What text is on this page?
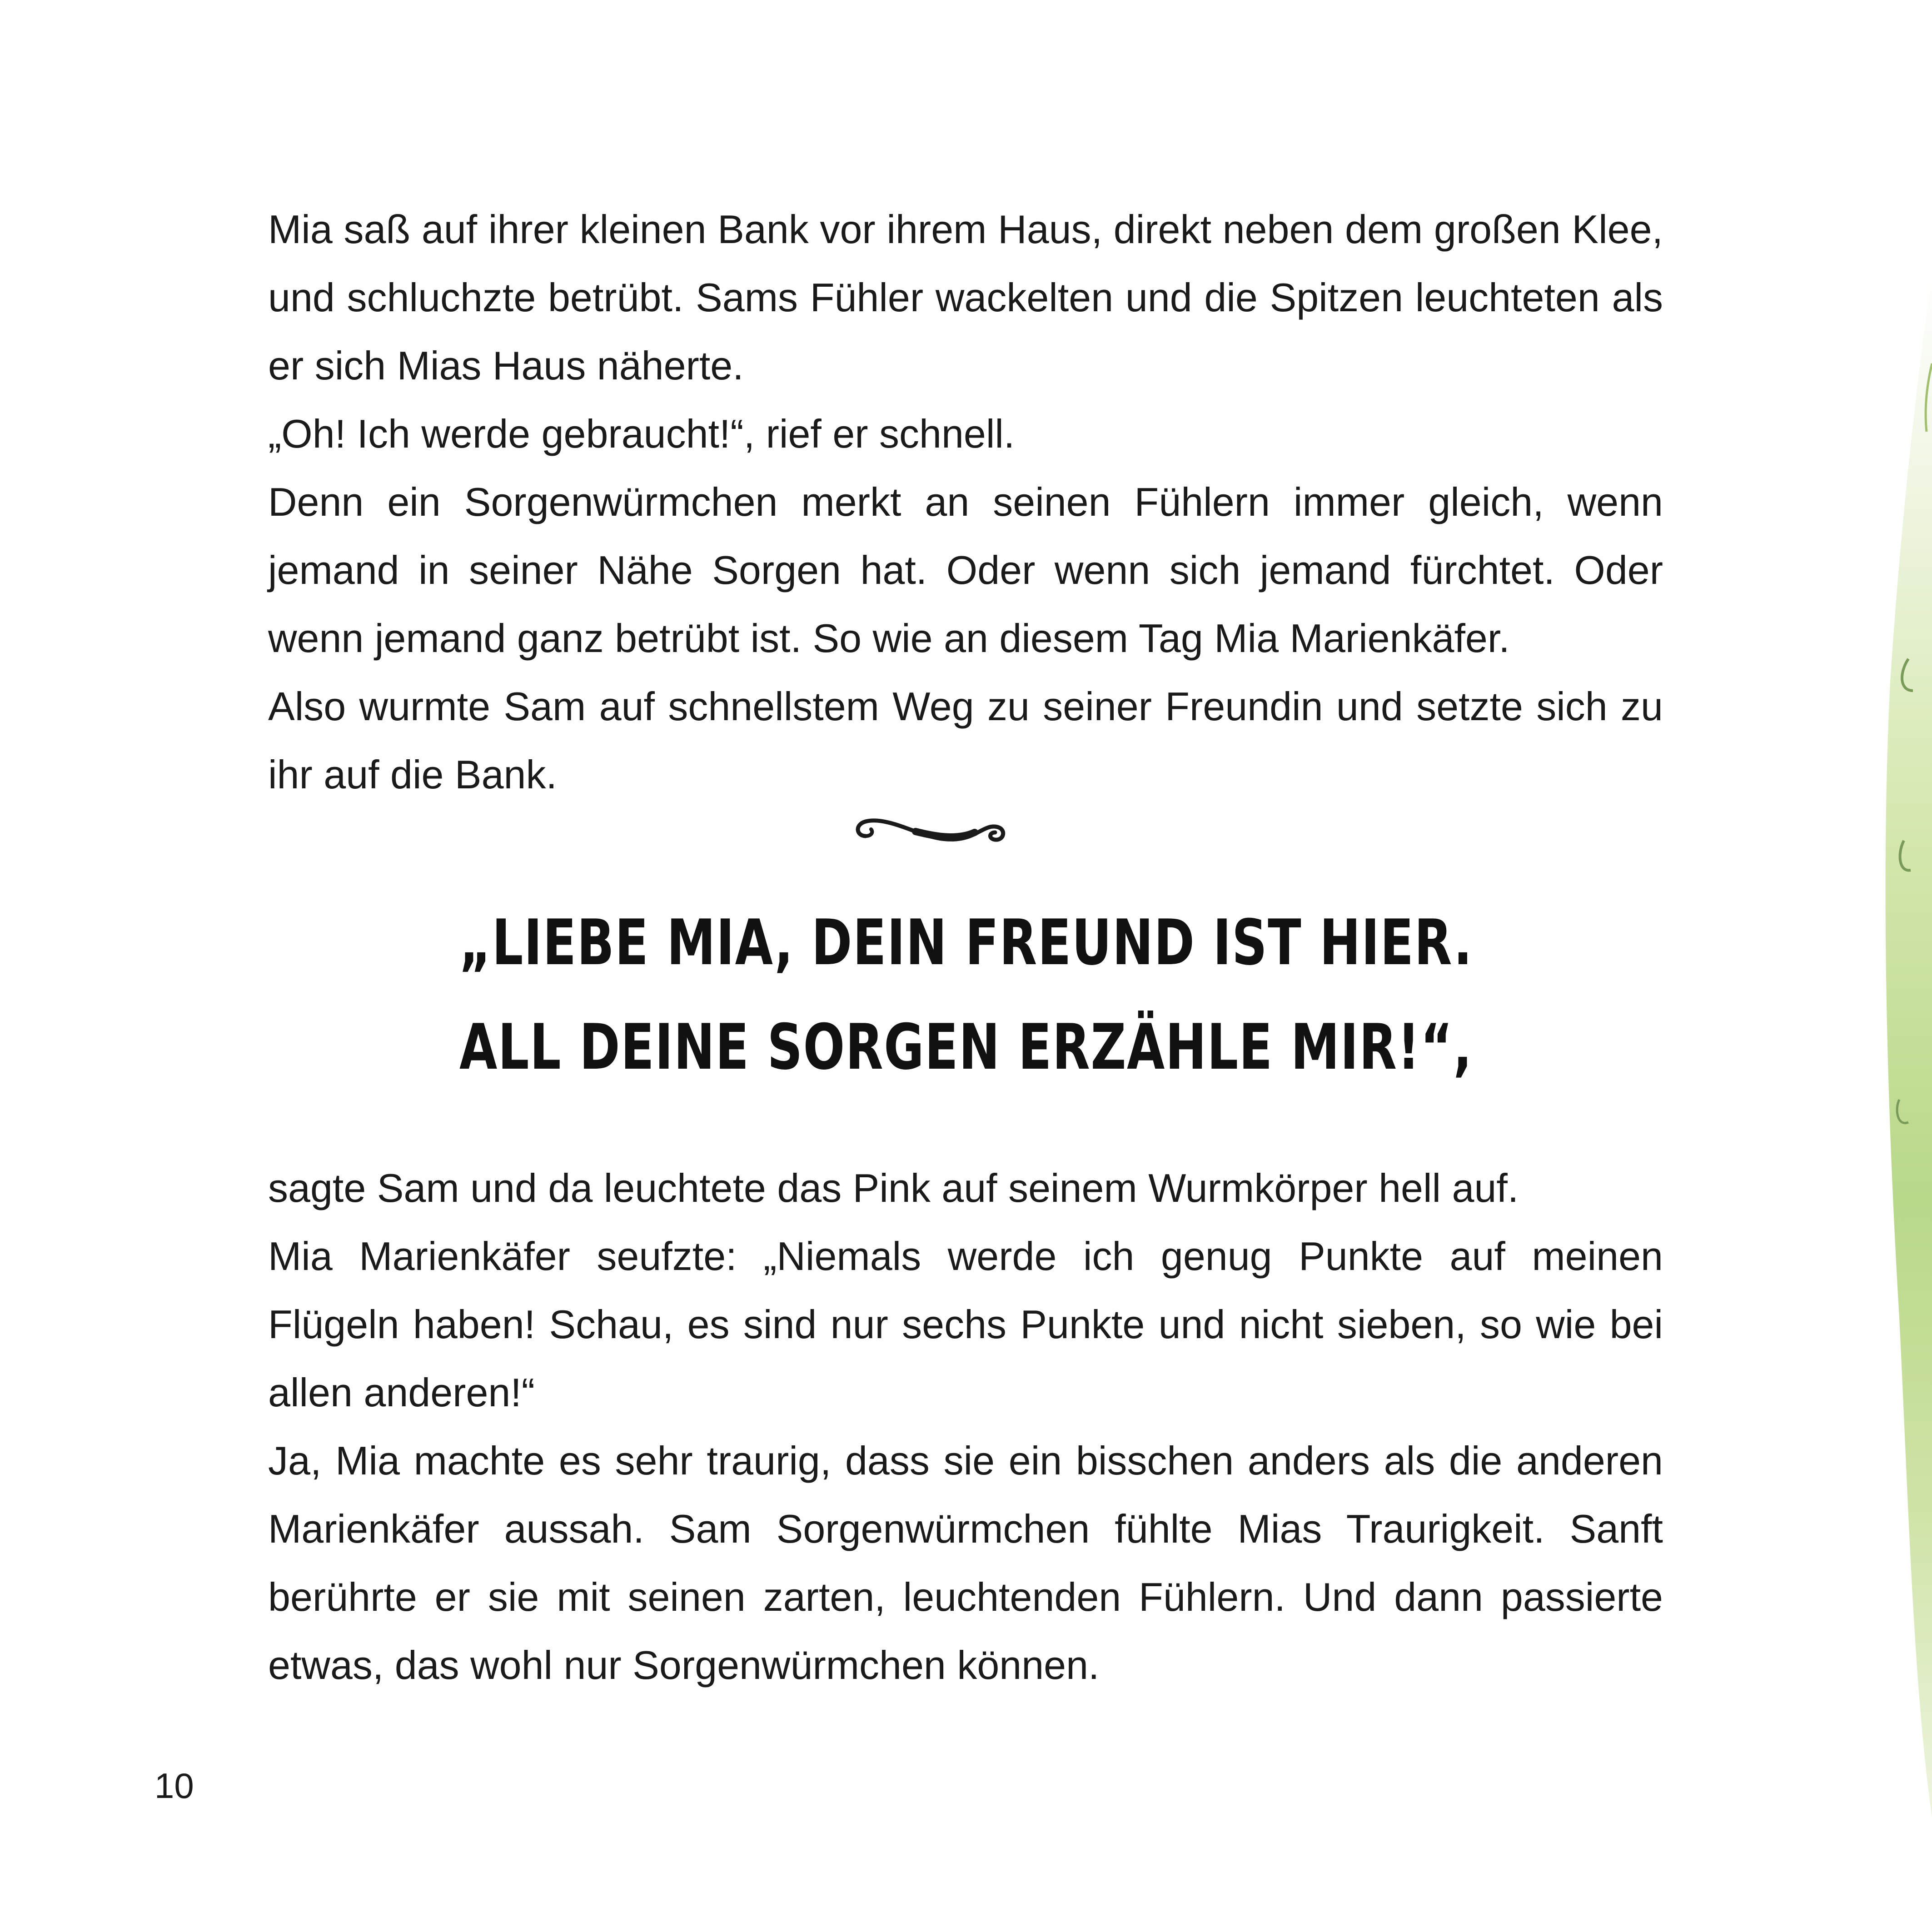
Mia saß auf ihrer kleinen Bank vor ihrem Haus, direkt neben dem großen Klee, und schluchzte betrübt. Sams Fühler wackelten und die Spitzen leuchteten als er sich Mias Haus näherte.

„Oh! Ich werde gebraucht!“, rief er schnell.

Denn ein Sorgenwürmchen merkt an seinen Fühlern immer gleich, wenn jemand in seiner Nähe Sorgen hat. Oder wenn sich jemand fürchtet. Oder wenn jemand ganz betrübt ist. So wie an diesem Tag Mia Marienkäfer.

Also wurmte Sam auf schnellstem Weg zu seiner Freundin und setzte sich zu ihr auf die Bank.

„LIEBE MIA, DEIN FREUND IST HIER.
ALL DEINE SORGEN ERZÄHLE MIR!“,

sagte Sam und da leuchtete das Pink auf seinem Wurmkörper hell auf.

Mia Marienkäfer seufzte: „Niemals werde ich genug Punkte auf meinen Flügeln haben! Schau, es sind nur sechs Punkte und nicht sieben, so wie bei allen anderen!“

Ja, Mia machte es sehr traurig, dass sie ein bisschen anders als die anderen Marienkäfer aussah. Sam Sorgenwürmchen fühlte Mias Traurigkeit. Sanft berührte er sie mit seinen zarten, leuchtenden Fühlern. Und dann passierte etwas, das wohl nur Sorgenwürmchen können.

10
